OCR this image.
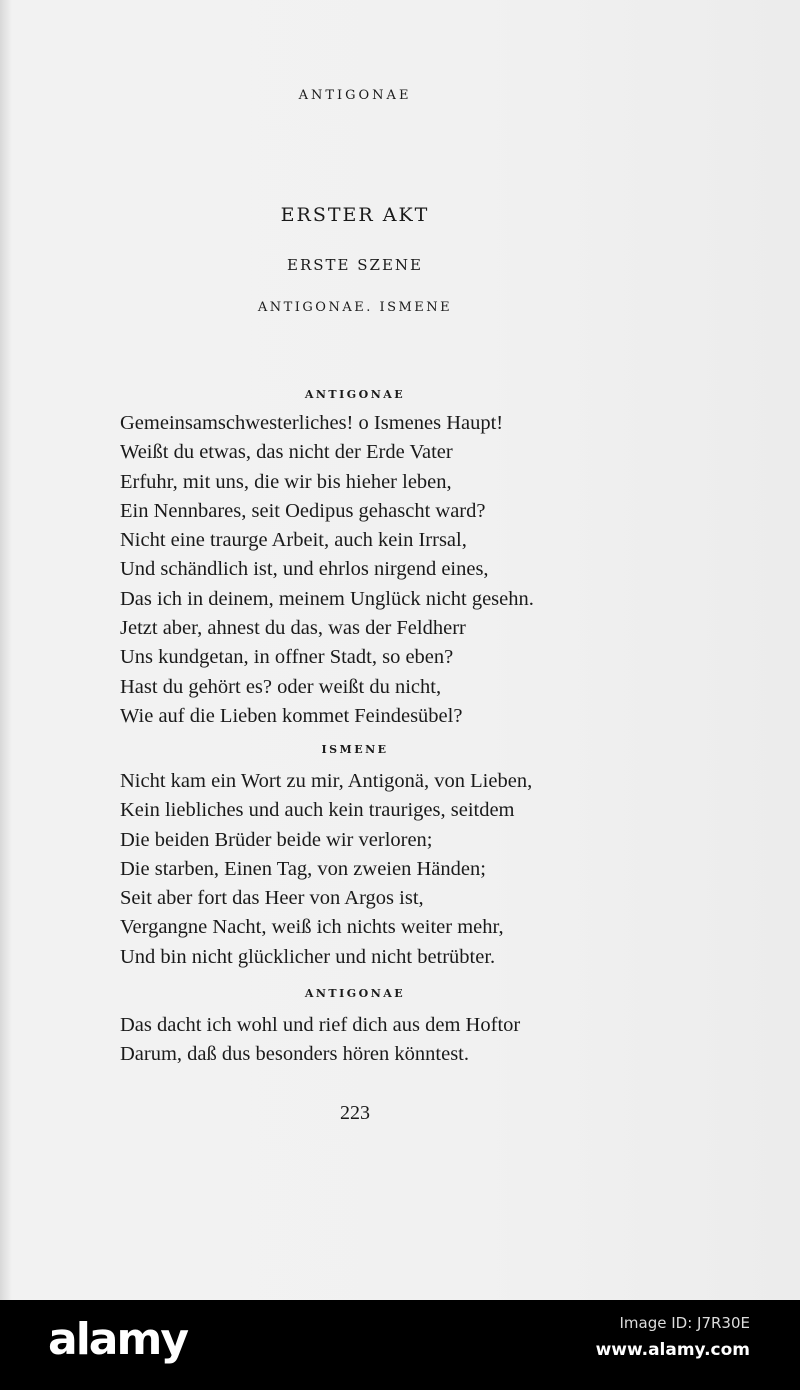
ANTIGONAE
ERSTER AKT
ERSTE SZENE
ANTIGONAE. ISMENE
ANTIGONAE
Gemeinsamschwesterliches! o Ismenes Haupt!
Weißt du etwas, das nicht der Erde Vater
Erfuhr, mit uns, die wir bis hieher leben,
Ein Nennbares, seit Oedipus gehascht ward?
Nicht eine traurge Arbeit, auch kein Irrsal,
Und schändlich ist, und ehrlos nirgend eines,
Das ich in deinem, meinem Unglück nicht gesehn.
Jetzt aber, ahnest du das, was der Feldherr
Uns kundgetan, in offner Stadt, so eben?
Hast du gehört es? oder weißt du nicht,
Wie auf die Lieben kommet Feindesübel?
ISMENE
Nicht kam ein Wort zu mir, Antigonä, von Lieben,
Kein liebliches und auch kein trauriges, seitdem
Die beiden Brüder beide wir verloren;
Die starben, Einen Tag, von zweien Händen;
Seit aber fort das Heer von Argos ist,
Vergangne Nacht, weiß ich nichts weiter mehr,
Und bin nicht glücklicher und nicht betrübter.
ANTIGONAE
Das dacht ich wohl und rief dich aus dem Hoftor
Darum, daß dus besonders hören könntest.
223
alamy	Image ID: J7R30E
www.alamy.com
